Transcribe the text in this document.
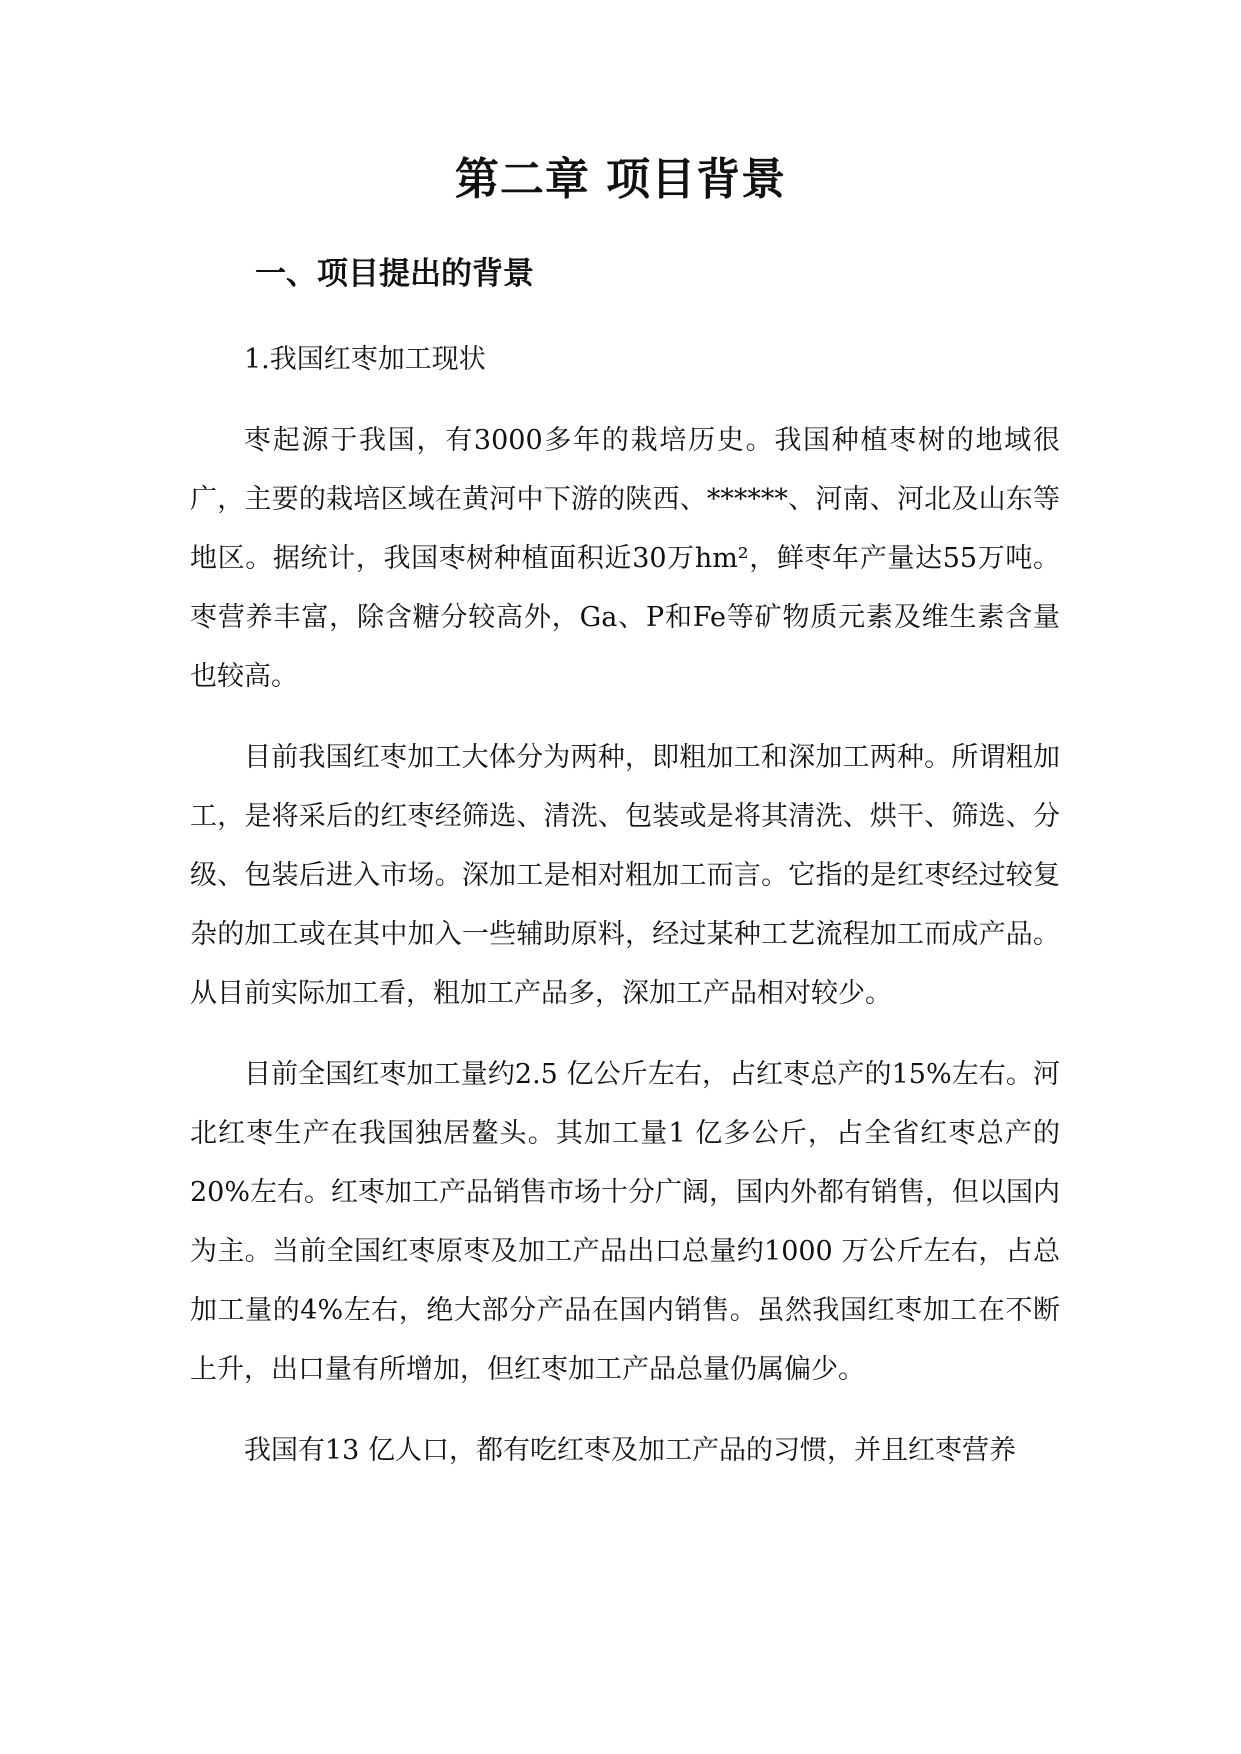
第二章 项目背景
一、项目提出的背景

1.我国红枣加工现状

枣起源于我国，有3000多年的栽培历史。我国种植枣树的地域很广，主要的栽培区域在黄河中下游的陕西、******、河南、河北及山东等地区。据统计，我国枣树种植面积近30万hm²，鲜枣年产量达55万吨。枣营养丰富，除含糖分较高外，Ga、P和Fe等矿物质元素及维生素含量也较高。

目前我国红枣加工大体分为两种，即粗加工和深加工两种。所谓粗加工，是将采后的红枣经筛选、清洗、包装或是将其清洗、烘干、筛选、分级、包装后进入市场。深加工是相对粗加工而言。它指的是红枣经过较复杂的加工或在其中加入一些辅助原料，经过某种工艺流程加工而成产品。从目前实际加工看，粗加工产品多，深加工产品相对较少。

目前全国红枣加工量约2.5 亿公斤左右，占红枣总产的15%左右。河北红枣生产在我国独居鳌头。其加工量1 亿多公斤，占全省红枣总产的20%左右。红枣加工产品销售市场十分广阔，国内外都有销售，但以国内为主。当前全国红枣原枣及加工产品出口总量约1000 万公斤左右，占总加工量的4%左右，绝大部分产品在国内销售。虽然我国红枣加工在不断上升，出口量有所增加，但红枣加工产品总量仍属偏少。

我国有13 亿人口，都有吃红枣及加工产品的习惯，并且红枣营养
